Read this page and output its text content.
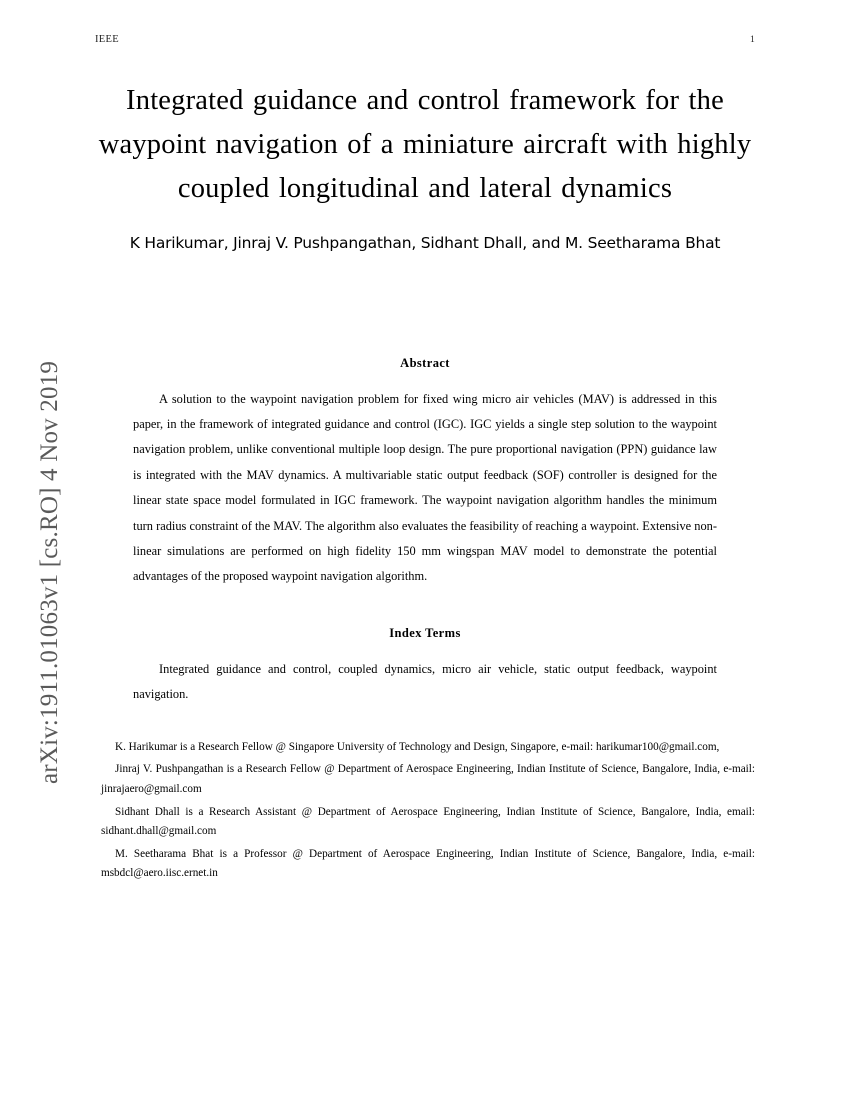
arXiv:1911.01063v1 [cs.RO] 4 Nov 2019
IEEE	1
Integrated guidance and control framework for the waypoint navigation of a miniature aircraft with highly coupled longitudinal and lateral dynamics
K Harikumar, Jinraj V. Pushpangathan, Sidhant Dhall, and M. Seetharama Bhat
Abstract
A solution to the waypoint navigation problem for fixed wing micro air vehicles (MAV) is addressed in this paper, in the framework of integrated guidance and control (IGC). IGC yields a single step solution to the waypoint navigation problem, unlike conventional multiple loop design. The pure proportional navigation (PPN) guidance law is integrated with the MAV dynamics. A multivariable static output feedback (SOF) controller is designed for the linear state space model formulated in IGC framework. The waypoint navigation algorithm handles the minimum turn radius constraint of the MAV. The algorithm also evaluates the feasibility of reaching a waypoint. Extensive non-linear simulations are performed on high fidelity 150 mm wingspan MAV model to demonstrate the potential advantages of the proposed waypoint navigation algorithm.
Index Terms
Integrated guidance and control, coupled dynamics, micro air vehicle, static output feedback, waypoint navigation.

K. Harikumar is a Research Fellow @ Singapore University of Technology and Design, Singapore, e-mail: harikumar100@gmail.com,

Jinraj V. Pushpangathan is a Research Fellow @ Department of Aerospace Engineering, Indian Institute of Science, Bangalore, India, e-mail: jinrajaero@gmail.com

Sidhant Dhall is a Research Assistant @ Department of Aerospace Engineering, Indian Institute of Science, Bangalore, India, email: sidhant.dhall@gmail.com

M. Seetharama Bhat is a Professor @ Department of Aerospace Engineering, Indian Institute of Science, Bangalore, India, e-mail: msbdcl@aero.iisc.ernet.in
